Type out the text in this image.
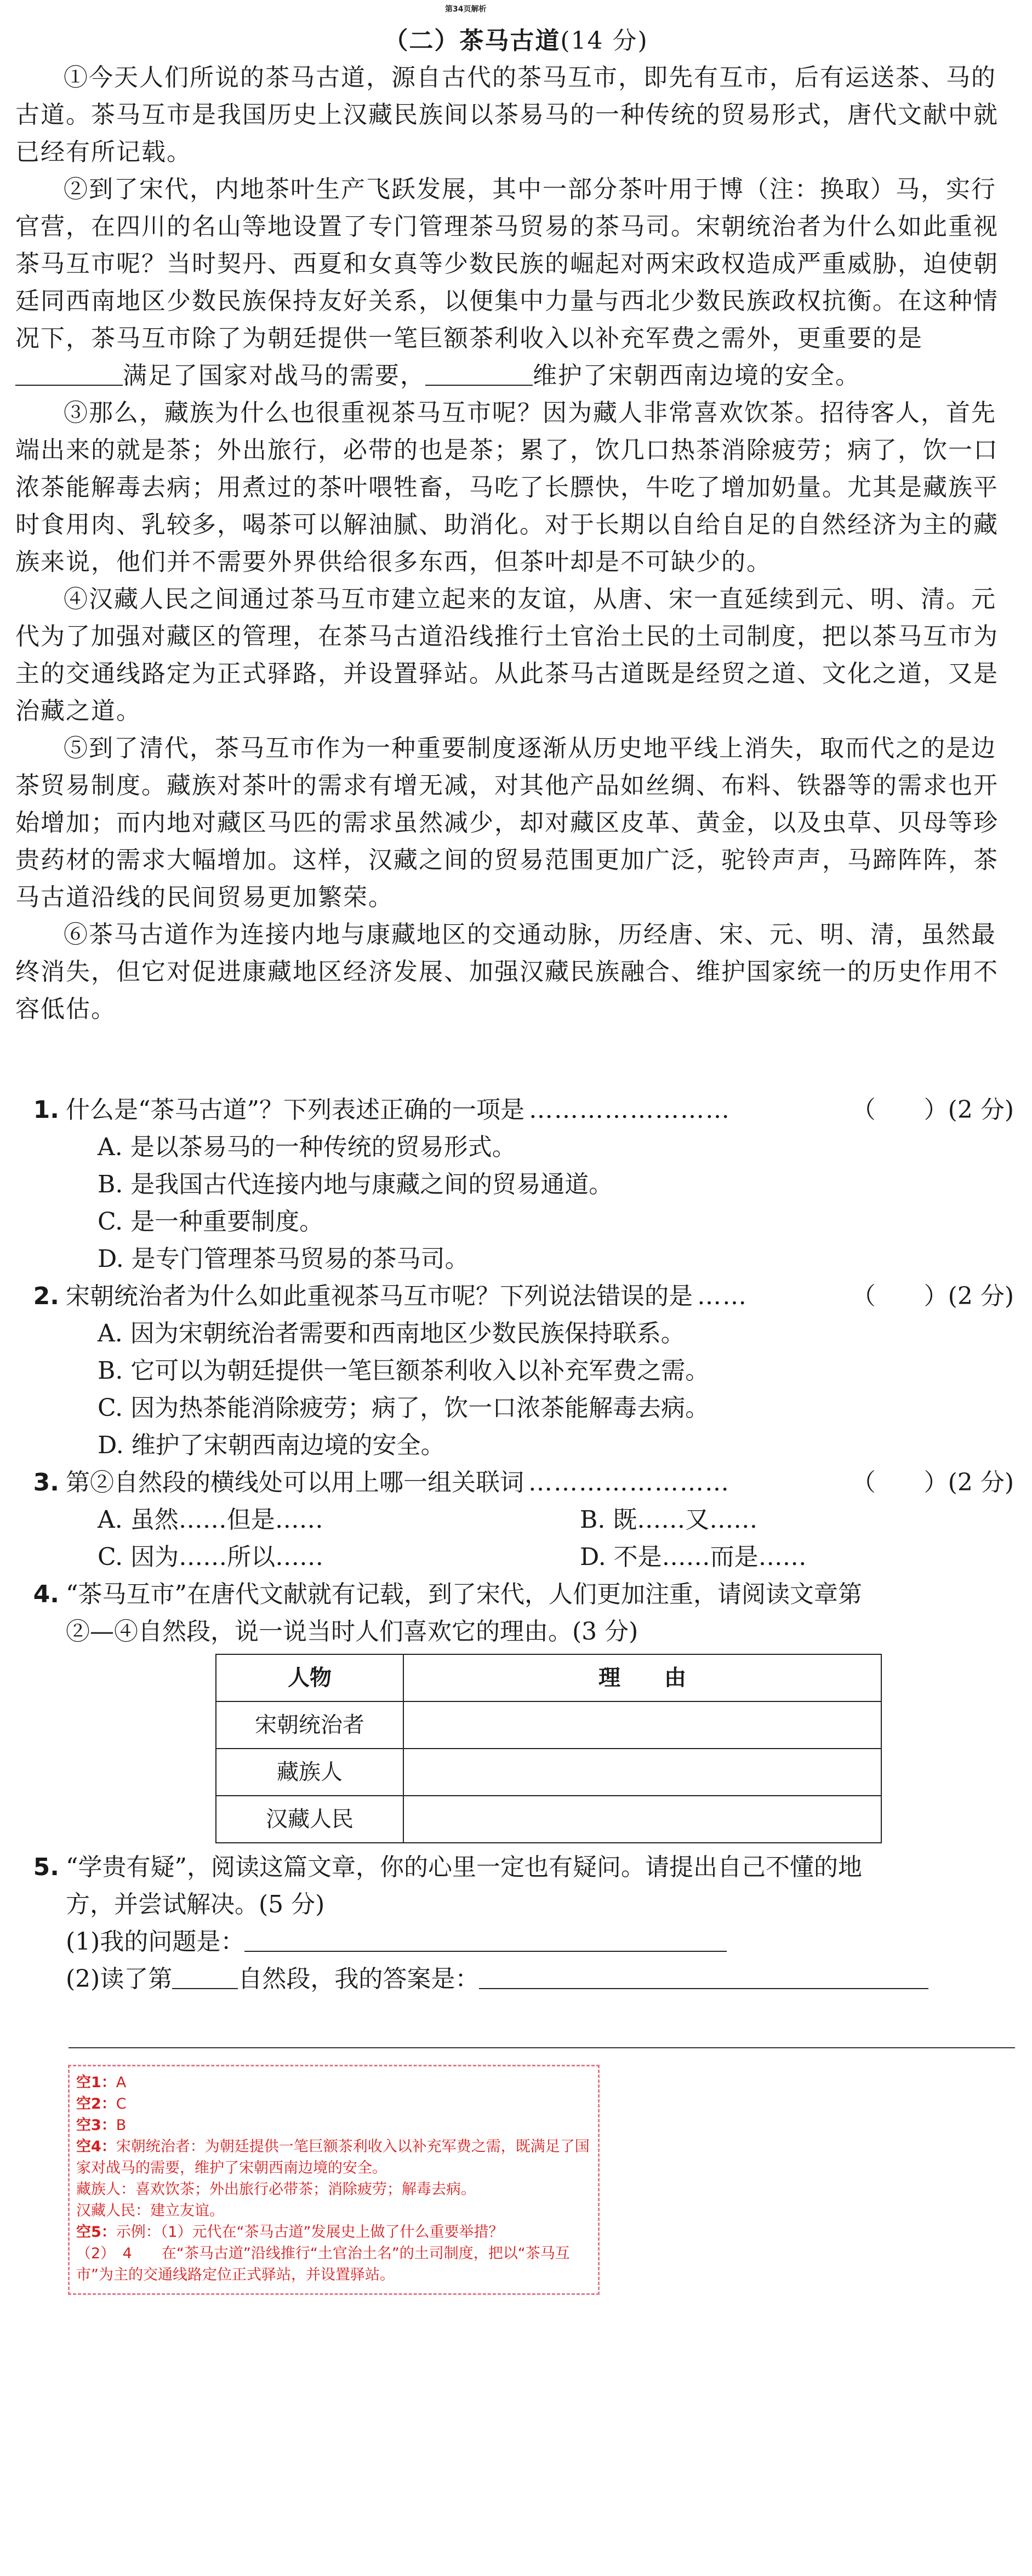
第34页解析
（二）茶马古道(14 分)

①今天人们所说的茶马古道，源自古代的茶马互市，即先有互市，后有运送茶、马的古道。茶马互市是我国历史上汉藏民族间以茶易马的一种传统的贸易形式，唐代文献中就已经有所记载。

②到了宋代，内地茶叶生产飞跃发展，其中一部分茶叶用于博（注：换取）马，实行官营，在四川的名山等地设置了专门管理茶马贸易的茶马司。宋朝统治者为什么如此重视茶马互市呢？当时契丹、西夏和女真等少数民族的崛起对两宋政权造成严重威胁，迫使朝廷同西南地区少数民族保持友好关系，以便集中力量与西北少数民族政权抗衡。在这种情况下，茶马互市除了为朝廷提供一笔巨额茶利收入以补充军费之需外，更重要的是满足了国家对战马的需要，	维护了宋朝西南边境的安全。

③那么，藏族为什么也很重视茶马互市呢？因为藏人非常喜欢饮茶。招待客人，首先端出来的就是茶；外出旅行，必带的也是茶；累了，饮几口热茶消除疲劳；病了，饮一口浓茶能解毒去病；用煮过的茶叶喂牲畜，马吃了长膘快，牛吃了增加奶量。尤其是藏族平时食用肉、乳较多，喝茶可以解油腻、助消化。对于长期以自给自足的自然经济为主的藏族来说，他们并不需要外界供给很多东西，但茶叶却是不可缺少的。

④汉藏人民之间通过茶马互市建立起来的友谊，从唐、宋一直延续到元、明、清。元代为了加强对藏区的管理，在茶马古道沿线推行土官治土民的土司制度，把以茶马互市为主的交通线路定为正式驿路，并设置驿站。从此茶马古道既是经贸之道、文化之道，又是治藏之道。

⑤到了清代，茶马互市作为一种重要制度逐渐从历史地平线上消失，取而代之的是边茶贸易制度。藏族对茶叶的需求有增无减，对其他产品如丝绸、布料、铁器等的需求也开始增加；而内地对藏区马匹的需求虽然减少，却对藏区皮革、黄金，以及虫草、贝母等珍贵药材的需求大幅增加。这样，汉藏之间的贸易范围更加广泛，驼铃声声，马蹄阵阵，茶马古道沿线的民间贸易更加繁荣。

⑥茶马古道作为连接内地与康藏地区的交通动脉，历经唐、宋、元、明、清，虽然最终消失，但它对促进康藏地区经济发展、加强汉藏民族融合、维护国家统一的历史作用不容低估。

1. 什么是“茶马古道”？下列表述正确的一项是 ……………………	（　　）(2 分)

A. 是以茶易马的一种传统的贸易形式。

B. 是我国古代连接内地与康藏之间的贸易通道。

C. 是一种重要制度。

D. 是专门管理茶马贸易的茶马司。

2. 宋朝统治者为什么如此重视茶马互市呢？下列说法错误的是 ……	（　　）(2 分)

A. 因为宋朝统治者需要和西南地区少数民族保持联系。

B. 它可以为朝廷提供一笔巨额茶利收入以补充军费之需。

C. 因为热茶能消除疲劳；病了，饮一口浓茶能解毒去病。

D. 维护了宋朝西南边境的安全。

3. 第②自然段的横线处可以用上哪一组关联词 ……………………	（　　）(2 分)
A. 虽然……但是……	B. 既……又……
C. 因为……所以……	D. 不是……而是……
4. “茶马互市”在唐代文献就有记载，到了宋代，人们更加注重，请阅读文章第

②—④自然段，说一说当时人们喜欢它的理由。(3 分)

人物	理　　由
宋朝统治者	
藏族人	
汉藏人民	
5. “学贵有疑”，阅读这篇文章，你的心里一定也有疑问。请提出自己不懂的地

方，并尝试解决。(5 分)

(1)我的问题是：

(2)读了第	自然段，我的答案是：

空1：A

空2：C

空3：B

空4：宋朝统治者：为朝廷提供一笔巨额茶利收入以补充军费之需，既满足了国家对战马的需要，维护了宋朝西南边境的安全。

藏族人：喜欢饮茶；外出旅行必带茶；消除疲劳；解毒去病。

汉藏人民：建立友谊。

空5：示例：（1）元代在“茶马古道”发展史上做了什么重要举措？

（2）　4　　在“茶马古道”沿线推行“土官治土名”的土司制度，把以“茶马互市”为主的交通线路定位正式驿站，并设置驿站。
